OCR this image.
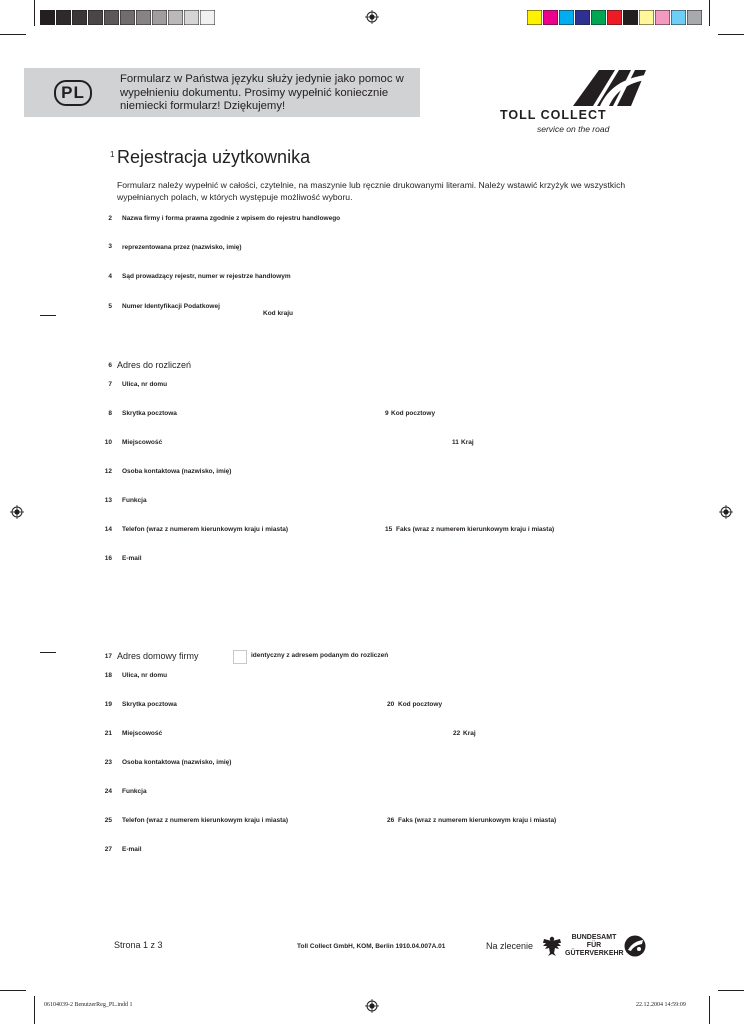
PL
Formularz w Państwa języku służy jedynie jako pomoc w wypełnieniu dokumentu. Prosimy wypełnić koniecznie niemiecki formularz! Dziękujemy!
TOLL COLLECT
service on the road
1 Rejestracja użytkownika
Formularz należy wypełnić w całości, czytelnie, na maszynie lub ręcznie drukowanymi literami. Należy wstawić krzyżyk we wszystkich wypełnianych polach, w których występuje możliwość wyboru.
2 Nazwa firmy i forma prawna zgodnie z wpisem do rejestru handlowego
3 reprezentowana przez (nazwisko, imię)
4 Sąd prowadzący rejestr, numer w rejestrze handlowym
5 Numer Identyfikacji Podatkowej
Kod kraju
6 Adres do rozliczeń
7 Ulica, nr domu
8 Skrytka pocztowa	9 Kod pocztowy
10 Miejscowość	11 Kraj
12 Osoba kontaktowa (nazwisko, imię)
13 Funkcja
14 Telefon (wraz z numerem kierunkowym kraju i miasta)	15 Faks (wraz z numerem kierunkowym kraju i miasta)
16 E-mail
17 Adres domowy firmy	identyczny z adresem podanym do rozliczeń
18 Ulica, nr domu
19 Skrytka pocztowa	20 Kod pocztowy
21 Miejscowość	22 Kraj
23 Osoba kontaktowa (nazwisko, imię)
24 Funkcja
25 Telefon (wraz z numerem kierunkowym kraju i miasta)	26 Faks (wraz z numerem kierunkowym kraju i miasta)
27 E-mail
Strona 1 z 3	Toll Collect GmbH, KOM, Berlin 1910.04.007A.01	Na zlecenie
BUNDESAMT
FÜR
GÜTERVERKEHR
06104039-2 BenutzerReg_PL.indd 1	22.12.2004 14:59:09
